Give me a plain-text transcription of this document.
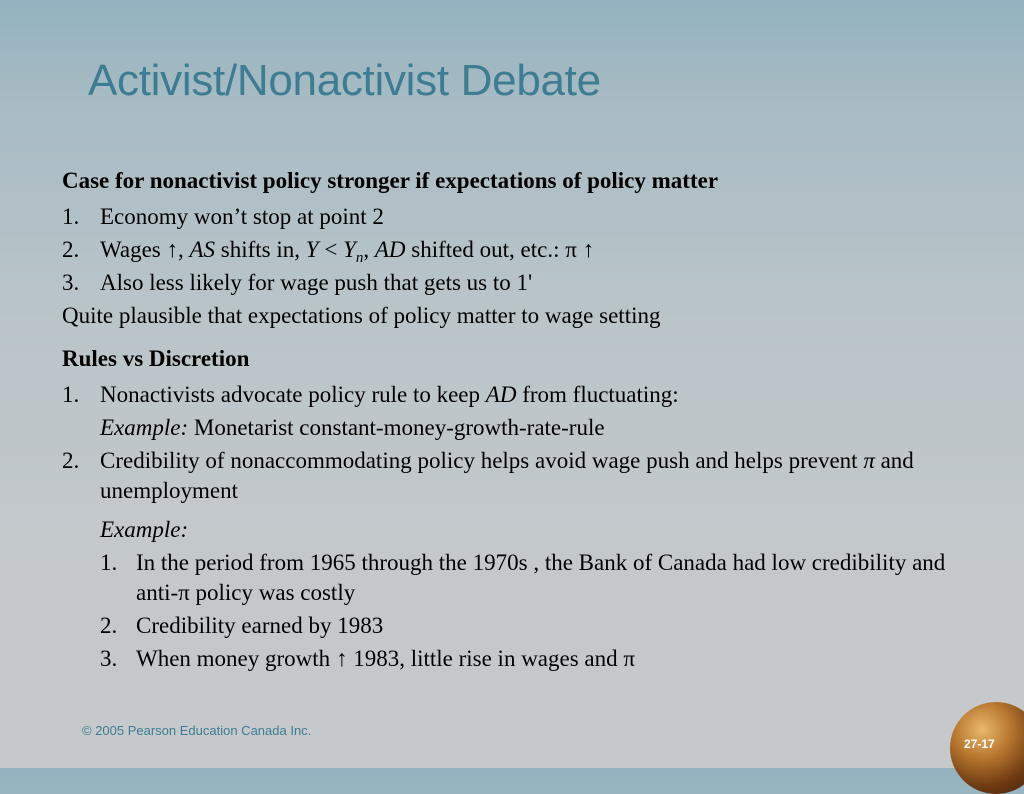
Activist/Nonactivist Debate
Case for nonactivist policy stronger if expectations of policy matter
1. Economy won’t stop at point 2
2. Wages ↑, AS shifts in, $Y < Y_n$, AD shifted out, etc.: π ↑
3. Also less likely for wage push that gets us to 1'
Quite plausible that expectations of policy matter to wage setting
Rules vs Discretion
1. Nonactivists advocate policy rule to keep AD from fluctuating:
Example: Monetarist constant-money-growth-rate-rule
2. Credibility of nonaccommodating policy helps avoid wage push and helps prevent π and unemployment
Example:
1. In the period from 1965 through the 1970s , the Bank of Canada had low credibility and anti-π policy was costly
2. Credibility earned by 1983
3. When money growth ↑ 1983, little rise in wages and π
© 2005 Pearson Education Canada Inc.
27-17
